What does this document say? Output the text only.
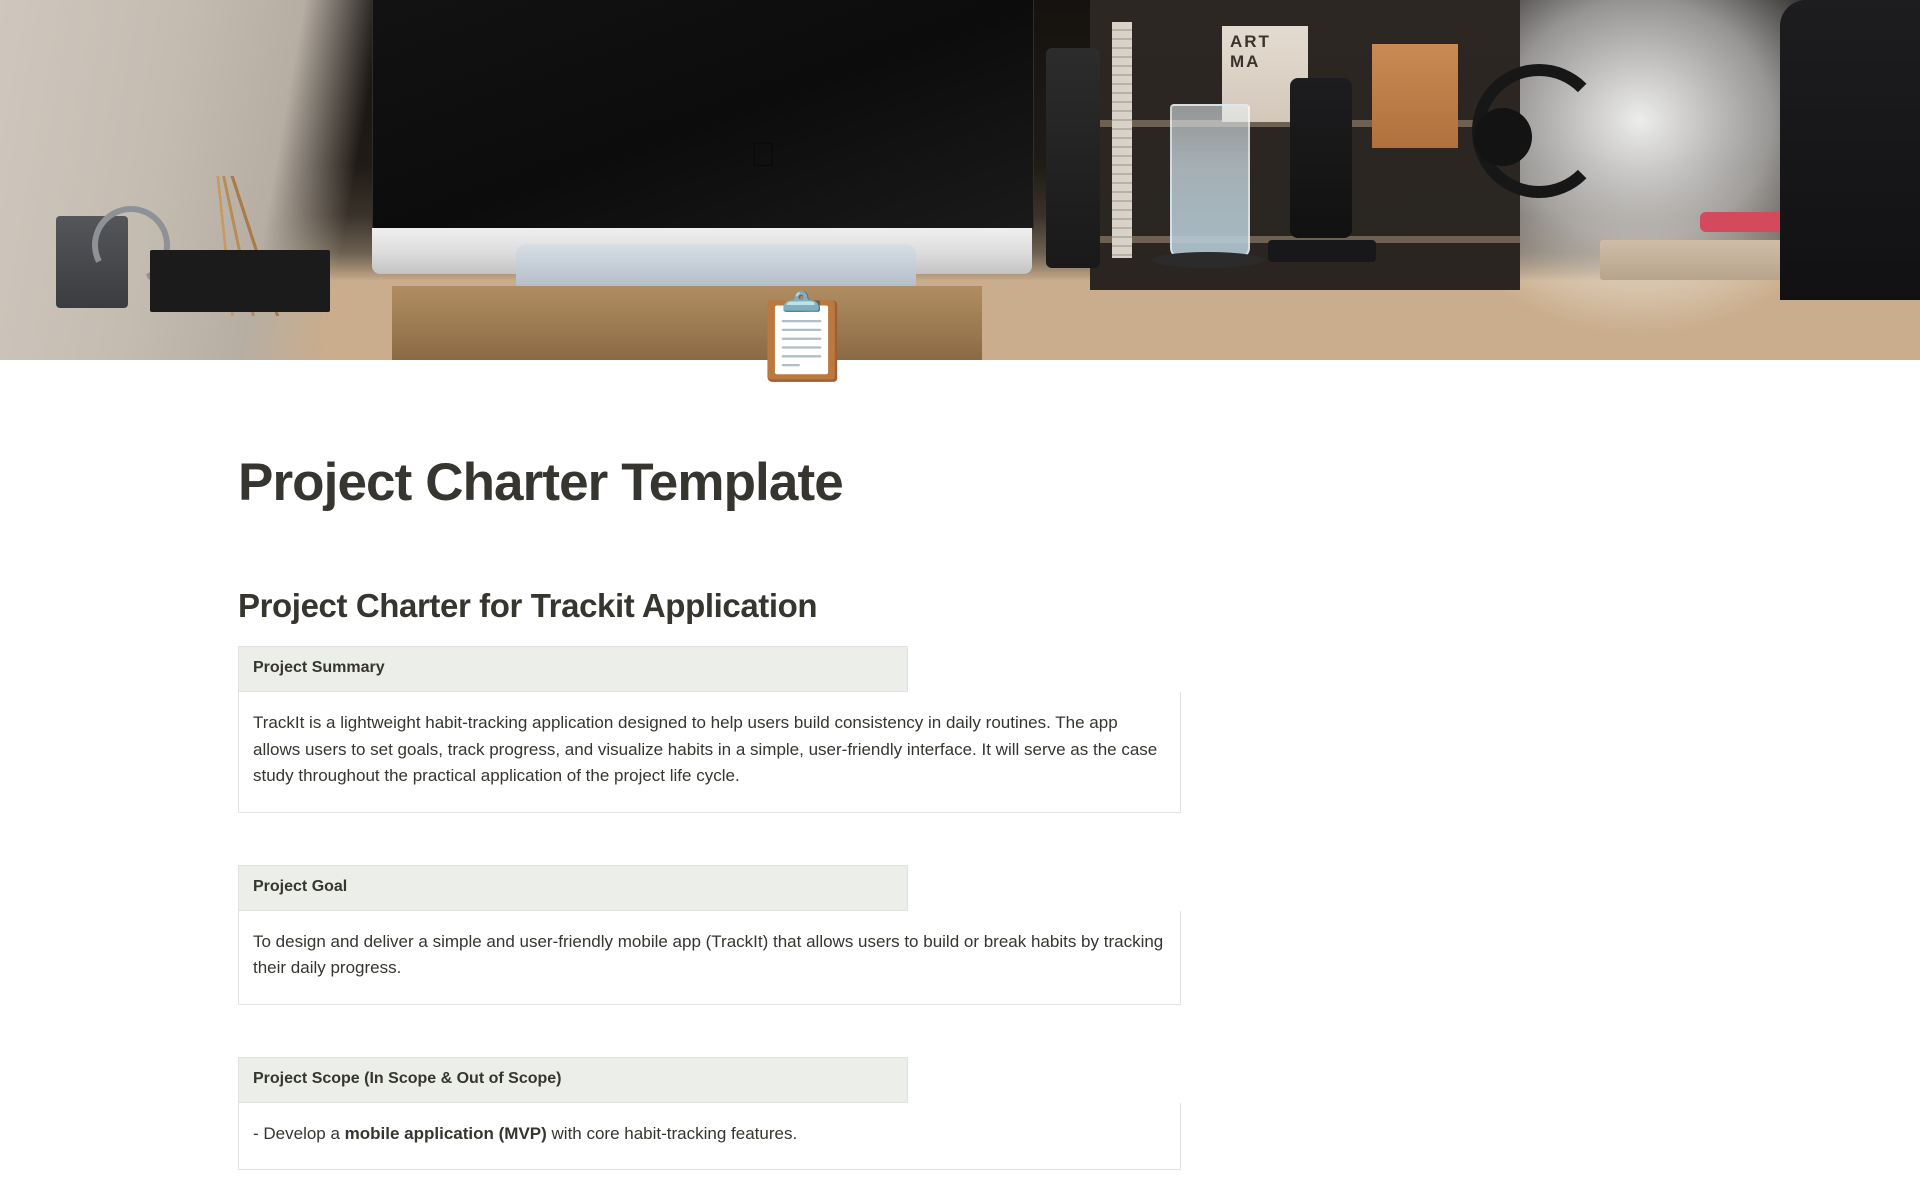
ART MA
📋
Project Charter Template
Project Charter for Trackit Application
Project Summary	
TrackIt is a lightweight habit-tracking application designed to help users build consistency in daily routines. The app allows users to set goals, track progress, and visualize habits in a simple, user-friendly interface. It will serve as the case study throughout the practical application of the project life cycle.
Project Goal	
To design and deliver a simple and user-friendly mobile app (TrackIt) that allows users to build or break habits by tracking their daily progress.
Project Scope (In Scope & Out of Scope)	

- Develop a mobile application (MVP) with core habit-tracking features.
